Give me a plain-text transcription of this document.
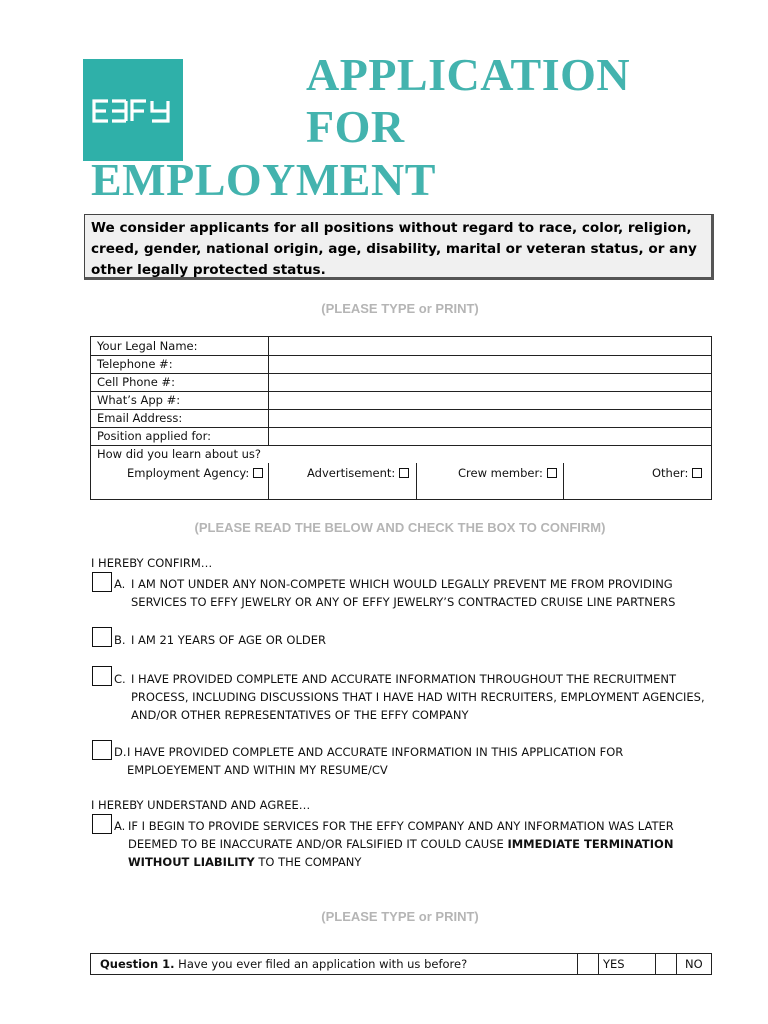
APPLICATION
FOR
EMPLOYMENT
We consider applicants for all positions without regard to race, color, religion, creed, gender, national origin, age, disability, marital or veteran status, or any other legally protected status.
(PLEASE TYPE or PRINT)
Your Legal Name:
Telephone #:
Cell Phone #:
What’s App #:
Email Address:
Position applied for:
How did you learn about us?
Employment Agency:	Advertisement:	Crew member:	Other:
(PLEASE READ THE BELOW AND CHECK THE BOX TO CONFIRM)
I HEREBY CONFIRM…
A. I AM NOT UNDER ANY NON-COMPETE WHICH WOULD LEGALLY PREVENT ME FROM PROVIDING
SERVICES TO EFFY JEWELRY OR ANY OF EFFY JEWELRY’S CONTRACTED CRUISE LINE PARTNERS
B. I AM 21 YEARS OF AGE OR OLDER
C. I HAVE PROVIDED COMPLETE AND ACCURATE INFORMATION THROUGHOUT THE RECRUITMENT
PROCESS, INCLUDING DISCUSSIONS THAT I HAVE HAD WITH RECRUITERS, EMPLOYMENT AGENCIES,
AND/OR OTHER REPRESENTATIVES OF THE EFFY COMPANY
D. I HAVE PROVIDED COMPLETE AND ACCURATE INFORMATION IN THIS APPLICATION FOR
EMPLOEYEMENT AND WITHIN MY RESUME/CV
I HEREBY UNDERSTAND AND AGREE…
A. IF I BEGIN TO PROVIDE SERVICES FOR THE EFFY COMPANY AND ANY INFORMATION WAS LATER
DEEMED TO BE INACCURATE AND/OR FALSIFIED IT COULD CAUSE IMMEDIATE TERMINATION
WITHOUT LIABILITY TO THE COMPANY
(PLEASE TYPE or PRINT)
Question 1. Have you ever filed an application with us before?	YES	NO
